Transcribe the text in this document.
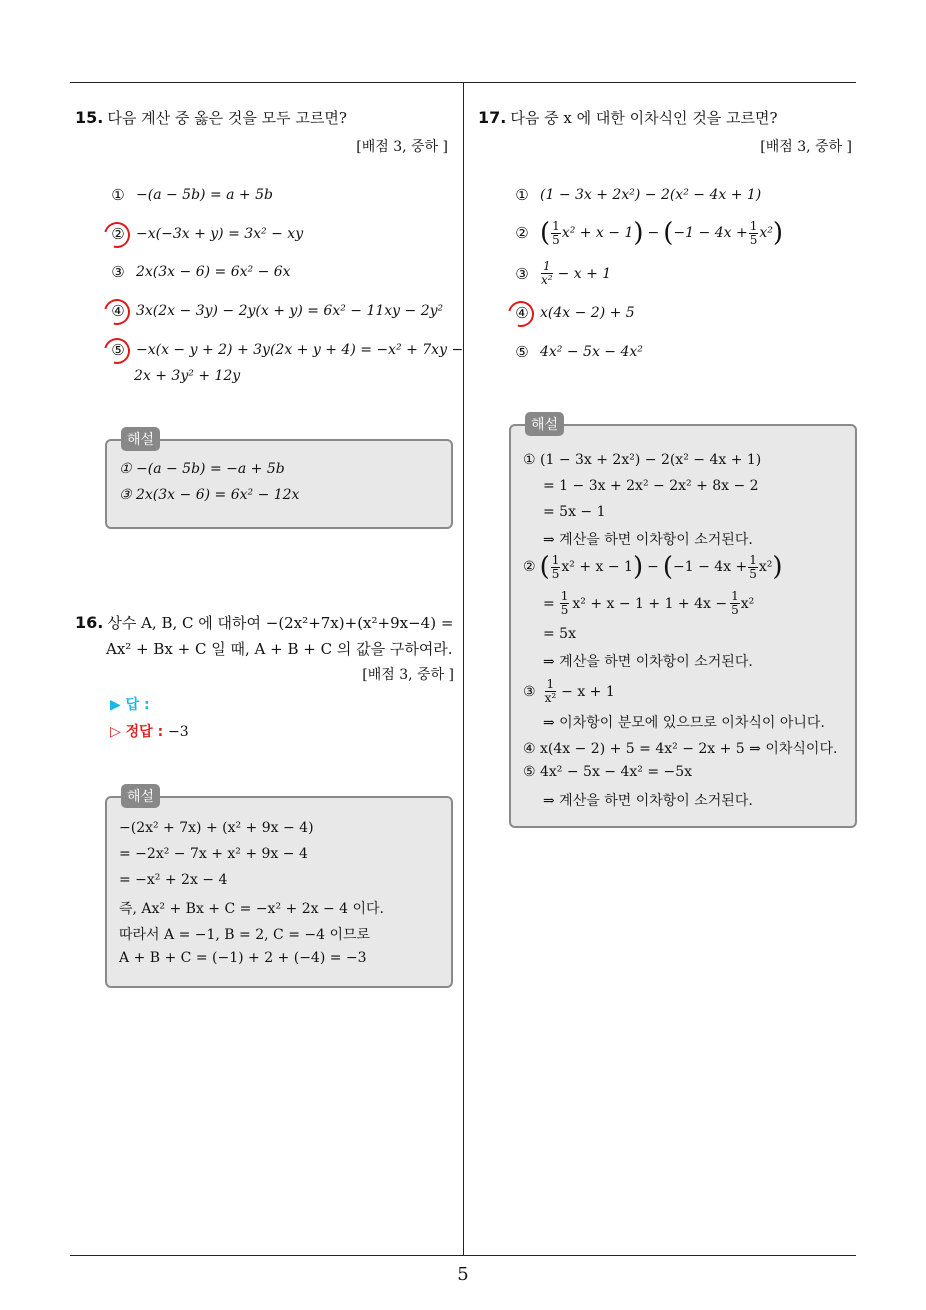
5
15. 다음 계산 중 옳은 것을 모두 고르면?
[배점 3, 중하 ]
① −(a − 5b) = a + 5b
② −x(−3x + y) = 3x² − xy
③ 2x(3x − 6) = 6x² − 6x
④ 3x(2x − 3y) − 2y(x + y) = 6x² − 11xy − 2y²
⑤ −x(x − y + 2) + 3y(2x + y + 4) = −x² + 7xy −
2x + 3y² + 12y
해설
① −(a − 5b) = −a + 5b
③ 2x(3x − 6) = 6x² − 12x
16. 상수 A, B, C 에 대하여 −(2x²+7x)+(x²+9x−4) =
Ax² + Bx + C 일 때, A + B + C 의 값을 구하여라.
[배점 3, 중하 ]
▶ 답 :
▷ 정답 : −3
해설
−(2x² + 7x) + (x² + 9x − 4)
= −2x² − 7x + x² + 9x − 4
= −x² + 2x − 4
즉, Ax² + Bx + C = −x² + 2x − 4 이다.
따라서 A = −1, B = 2, C = −4 이므로
A + B + C = (−1) + 2 + (−4) = −3
17. 다음 중 x 에 대한 이차식인 것을 고르면?
[배점 3, 중하 ]
① (1 − 3x + 2x²) − 2(x² − 4x + 1)
② ( $\frac{1}{5} x^2 + x - 1$ ) − ( $-1 - 4x + \frac{1}{5} x^2$ )
③ $\frac{1}{\text{x²}} - x + 1$
④ x(4x − 2) + 5
⑤ 4x² − 5x − 4x²
해설
① (1 − 3x + 2x²) − 2(x² − 4x + 1)
= 1 − 3x + 2x² − 2x² + 8x − 2
= 5x − 1
⇒ 계산을 하면 이차항이 소거된다.
② ( $\frac{1}{5} x^2 + x - 1$ ) − ( $-1 - 4x + \frac{1}{5} x^2$ )
= $\frac{1}{5} x^2 + x - 1 + 1 + 4x - \frac{1}{5} x^2$
= 5x
⇒ 계산을 하면 이차항이 소거된다.
③ $\frac{1}{\text{x²}} - x + 1$
⇒ 이차항이 분모에 있으므로 이차식이 아니다.
④ x(4x − 2) + 5 = 4x² − 2x + 5 ⇒ 이차식이다.
⑤ 4x² − 5x − 4x² = −5x
⇒ 계산을 하면 이차항이 소거된다.
